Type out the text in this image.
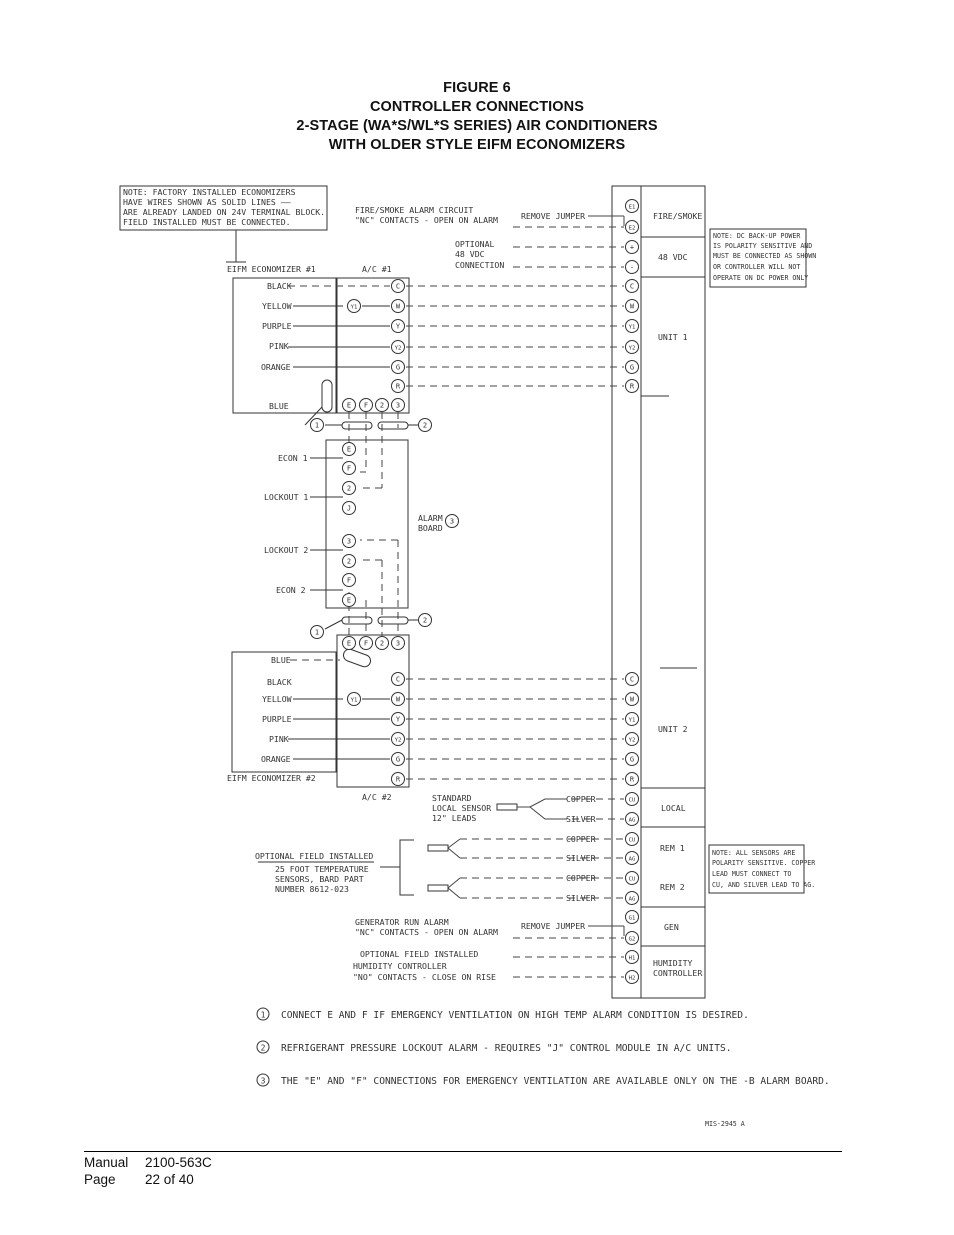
FIGURE 6
CONTROLLER CONNECTIONS
2-STAGE (WA*S/WL*S SERIES) AIR CONDITIONERS
WITH OLDER STYLE EIFM ECONOMIZERS
E1
E2
+
-
C
W
Y1
Y2
G
R
C
W
Y1
Y2
G
R
CU
AG
CU
AG
CU
AG
G1
G2
H1
H2
C
W
Y
Y2
G
R
Y1
E F 2 3
E
F
2
J
3
2
F
E
E F 2 3
C
W
Y
Y2
G
R
Y1
1	2
2
1
3
NOTE: FACTORY INSTALLED ECONOMIZERS
HAVE WIRES SHOWN AS SOLID LINES ——
ARE ALREADY LANDED ON 24V TERMINAL BLOCK.
FIELD INSTALLED MUST BE CONNECTED.
EIFM ECONOMIZER #1	A/C #1
FIRE/SMOKE ALARM CIRCUIT
"NC" CONTACTS - OPEN ON ALARM	REMOVE JUMPER
OPTIONAL
48 VDC
CONNECTION
BLACK
YELLOW
PURPLE
PINK
ORANGE
BLUE
ECON 1
LOCKOUT 1
LOCKOUT 2
ECON 2
ALARM
BOARD
BLUE
BLACK
YELLOW
PURPLE
PINK
ORANGE
EIFM ECONOMIZER #2
A/C #2	STANDARD
LOCAL SENSOR
12" LEADS
COPPER
SILVER
COPPER
SILVER
COPPER
SILVER
OPTIONAL FIELD INSTALLED
25 FOOT TEMPERATURE
SENSORS, BARD PART
NUMBER 8612-023
GENERATOR RUN ALARM
"NC" CONTACTS - OPEN ON ALARM
REMOVE JUMPER
OPTIONAL FIELD INSTALLED
HUMIDITY CONTROLLER
"NO" CONTACTS - CLOSE ON RISE
FIRE/SMOKE
48 VDC
UNIT 1
UNIT 2
LOCAL
REM 1
REM 2
GEN
HUMIDITY
CONTROLLER
NOTE: DC BACK-UP POWER
IS POLARITY SENSITIVE AND
MUST BE CONNECTED AS SHOWN
OR CONTROLLER WILL NOT
OPERATE ON DC POWER ONLY
NOTE: ALL SENSORS ARE
POLARITY SENSITIVE. COPPER
LEAD MUST CONNECT TO
CU, AND SILVER LEAD TO AG.
MIS-2945 A
1 CONNECT E AND F IF EMERGENCY VENTILATION ON HIGH TEMP ALARM CONDITION IS DESIRED.
2 REFRIGERANT PRESSURE LOCKOUT ALARM - REQUIRES "J" CONTROL MODULE IN A/C UNITS.
3 THE "E" AND "F" CONNECTIONS FOR EMERGENCY VENTILATION ARE AVAILABLE ONLY ON THE -B ALARM BOARD.
Manual	2100-563C
Page	22 of 40
